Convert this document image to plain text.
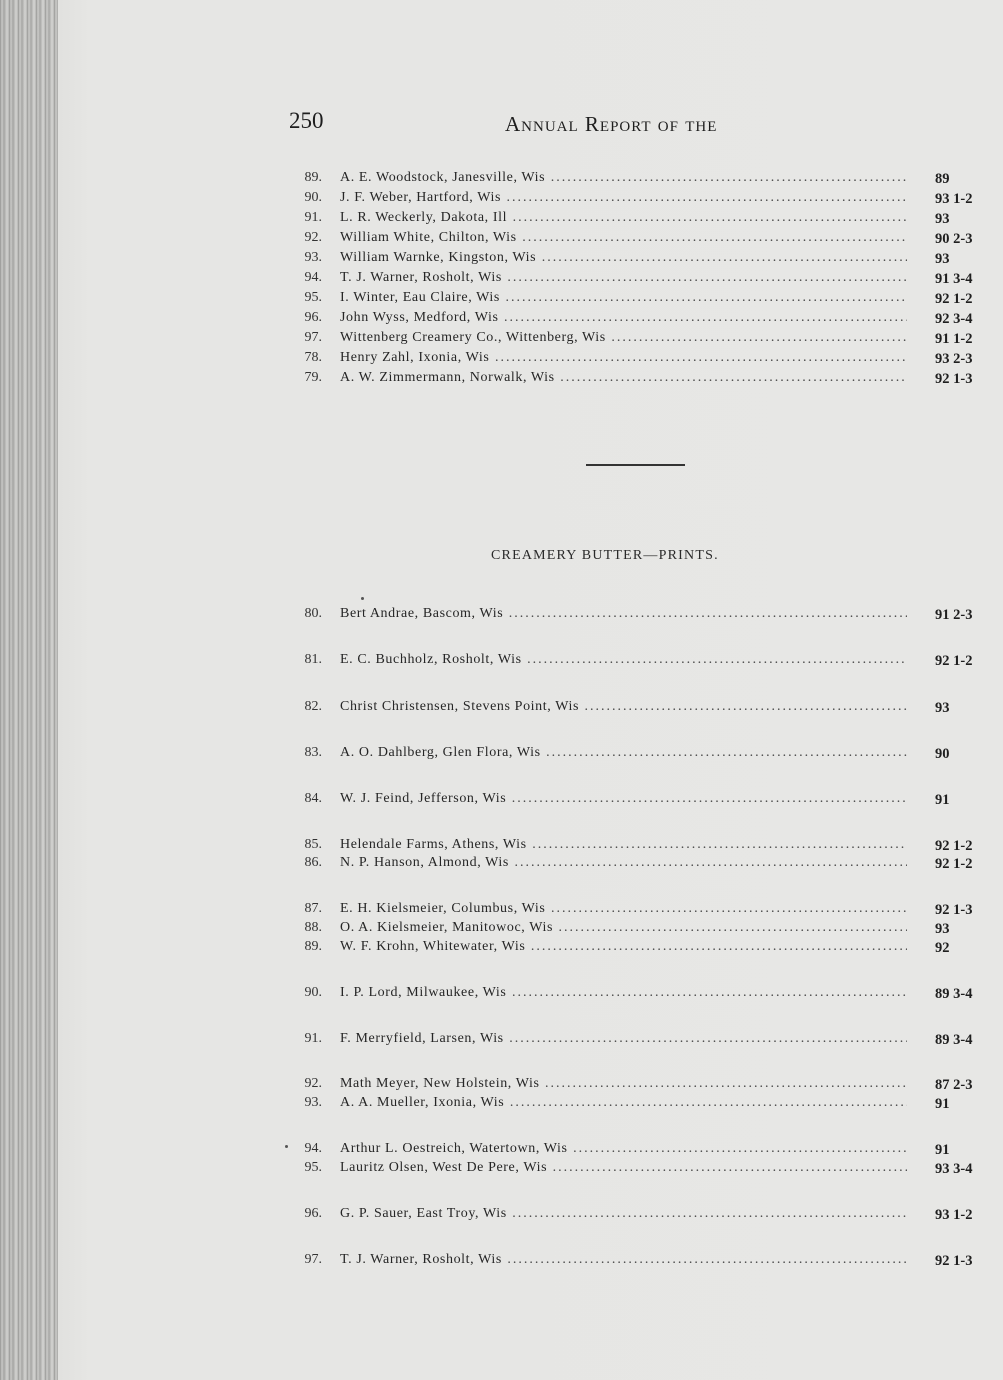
250	Annual Report of the
89. A. E. Woodstock, Janesville, Wis .....	89
90. J. F. Weber, Hartford, Wis .....	93 1-2
91. L. R. Weckerly, Dakota, Ill .....	93
92. William White, Chilton, Wis .....	90 2-3
93. William Warnke, Kingston, Wis .....	93
94. T. J. Warner, Rosholt, Wis .....	91 3-4
95. I. Winter, Eau Claire, Wis .....	92 1-2
96. John Wyss, Medford, Wis .....	92 3-4
97. Wittenberg Creamery Co., Wittenberg, Wis .....	91 1-2
78. Henry Zahl, Ixonia, Wis .....	93 2-3
79. A. W. Zimmermann, Norwalk, Wis .....	92 1-3
CREAMERY BUTTER—PRINTS.
80. Bert Andrae, Bascom, Wis .....	91 2-3
81. E. C. Buchholz, Rosholt, Wis .....	92 1-2
82. Christ Christensen, Stevens Point, Wis .....	93
83. A. O. Dahlberg, Glen Flora, Wis .....	90
84. W. J. Feind, Jefferson, Wis .....	91
85. Helendale Farms, Athens, Wis .....	92 1-2
86. N. P. Hanson, Almond, Wis .....	92 1-2
87. E. H. Kielsmeier, Columbus, Wis .....	92 1-3
88. O. A. Kielsmeier, Manitowoc, Wis .....	93
89. W. F. Krohn, Whitewater, Wis .....	92
90. I. P. Lord, Milwaukee, Wis .....	89 3-4
91. F. Merryfield, Larsen, Wis .....	89 3-4
92. Math Meyer, New Holstein, Wis .....	87 2-3
93. A. A. Mueller, Ixonia, Wis .....	91
94. Arthur L. Oestreich, Watertown, Wis .....	91
95. Lauritz Olsen, West De Pere, Wis .....	93 3-4
96. G. P. Sauer, East Troy, Wis .....	93 1-2
97. T. J. Warner, Rosholt, Wis .....	92 1-3
